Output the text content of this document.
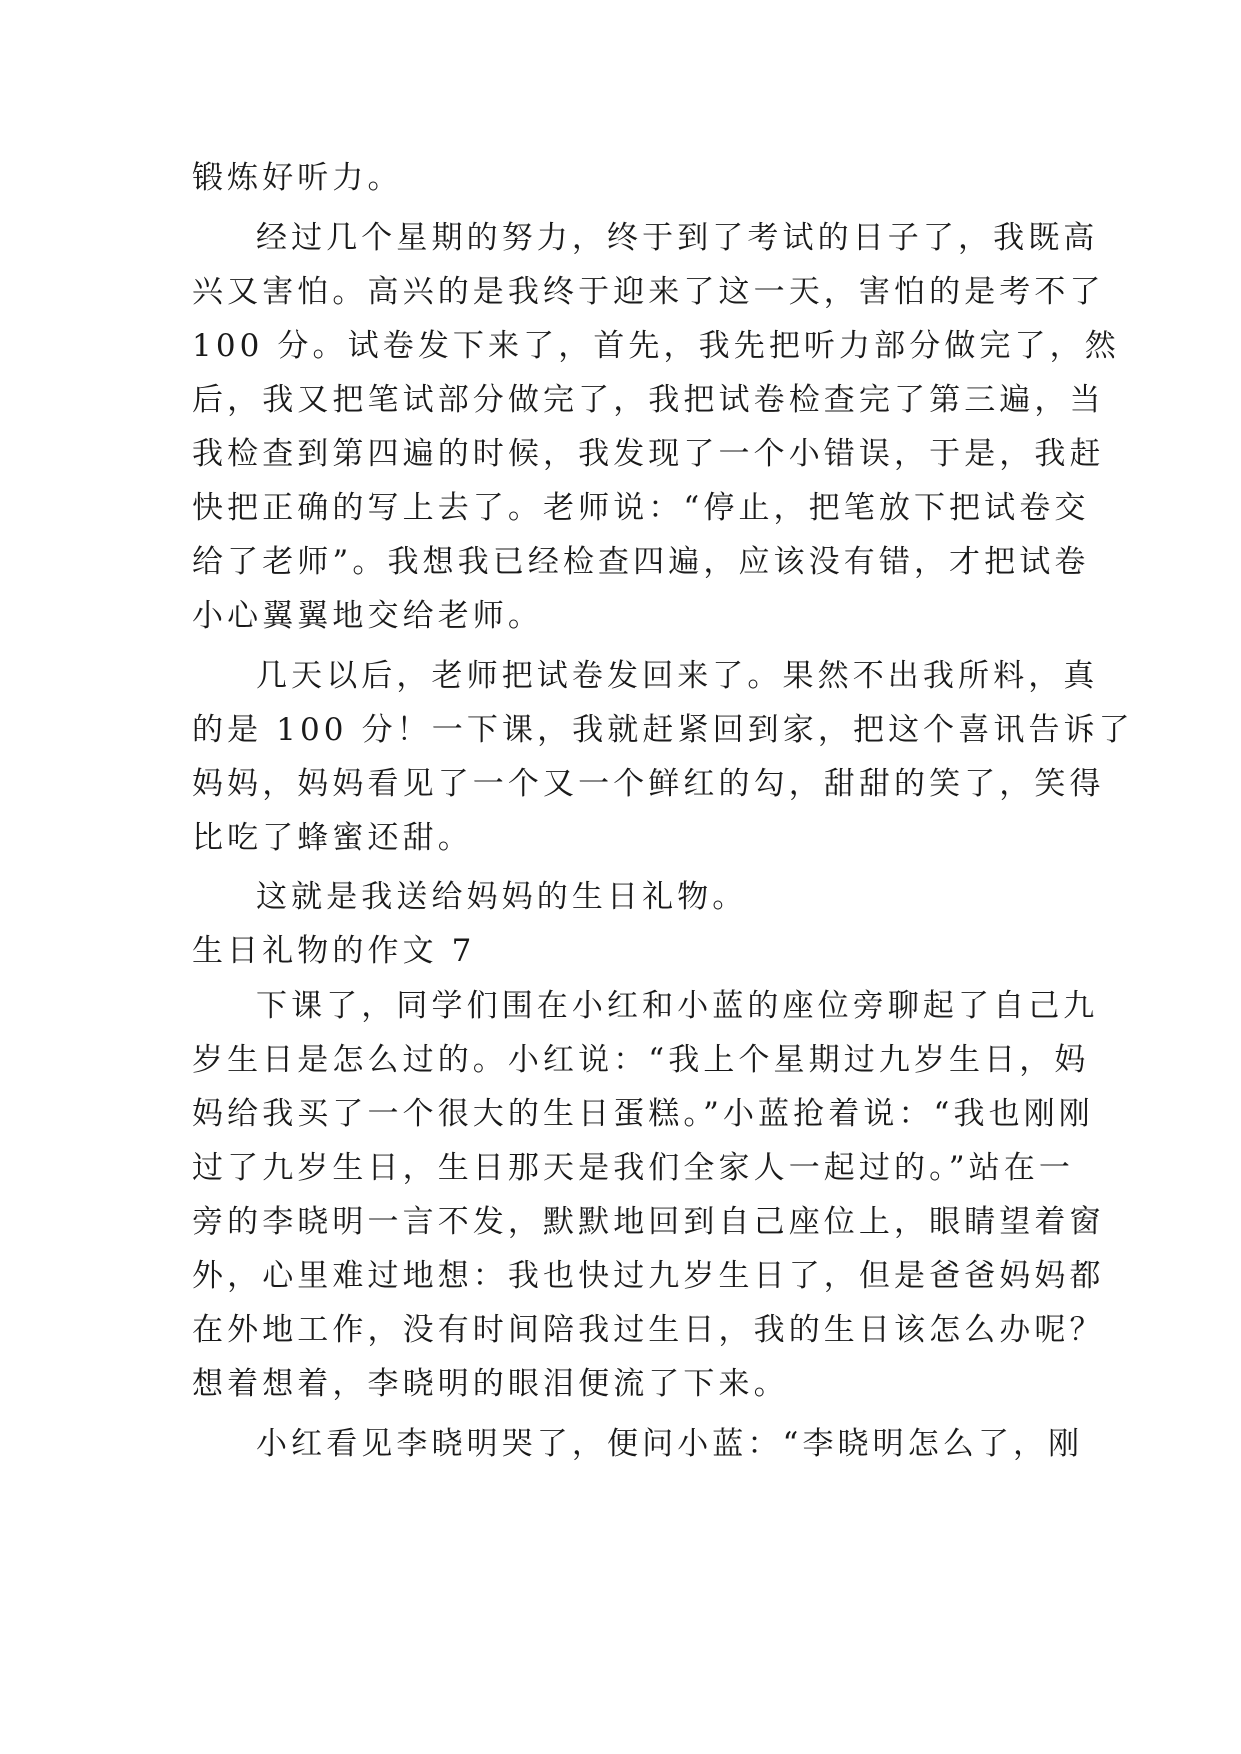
锻炼好听力。

经过几个星期的努力，终于到了考试的日子了，我既高

兴又害怕。高兴的是我终于迎来了这一天，害怕的是考不了

100 分。试卷发下来了，首先，我先把听力部分做完了，然

后，我又把笔试部分做完了，我把试卷检查完了第三遍，当

我检查到第四遍的时候，我发现了一个小错误，于是，我赶

快把正确的写上去了。老师说：“停止，把笔放下把试卷交

给了老师”。我想我已经检查四遍，应该没有错，才把试卷

小心翼翼地交给老师。

几天以后，老师把试卷发回来了。果然不出我所料，真

的是 100 分！一下课，我就赶紧回到家，把这个喜讯告诉了

妈妈，妈妈看见了一个又一个鲜红的勾，甜甜的笑了，笑得

比吃了蜂蜜还甜。

这就是我送给妈妈的生日礼物。

生日礼物的作文 7

下课了，同学们围在小红和小蓝的座位旁聊起了自己九

岁生日是怎么过的。小红说：“我上个星期过九岁生日，妈

妈给我买了一个很大的生日蛋糕。”小蓝抢着说：“我也刚刚

过了九岁生日，生日那天是我们全家人一起过的。”站在一

旁的李晓明一言不发，默默地回到自己座位上，眼睛望着窗

外，心里难过地想：我也快过九岁生日了，但是爸爸妈妈都

在外地工作，没有时间陪我过生日，我的生日该怎么办呢？

想着想着，李晓明的眼泪便流了下来。

小红看见李晓明哭了，便问小蓝：“李晓明怎么了，刚
